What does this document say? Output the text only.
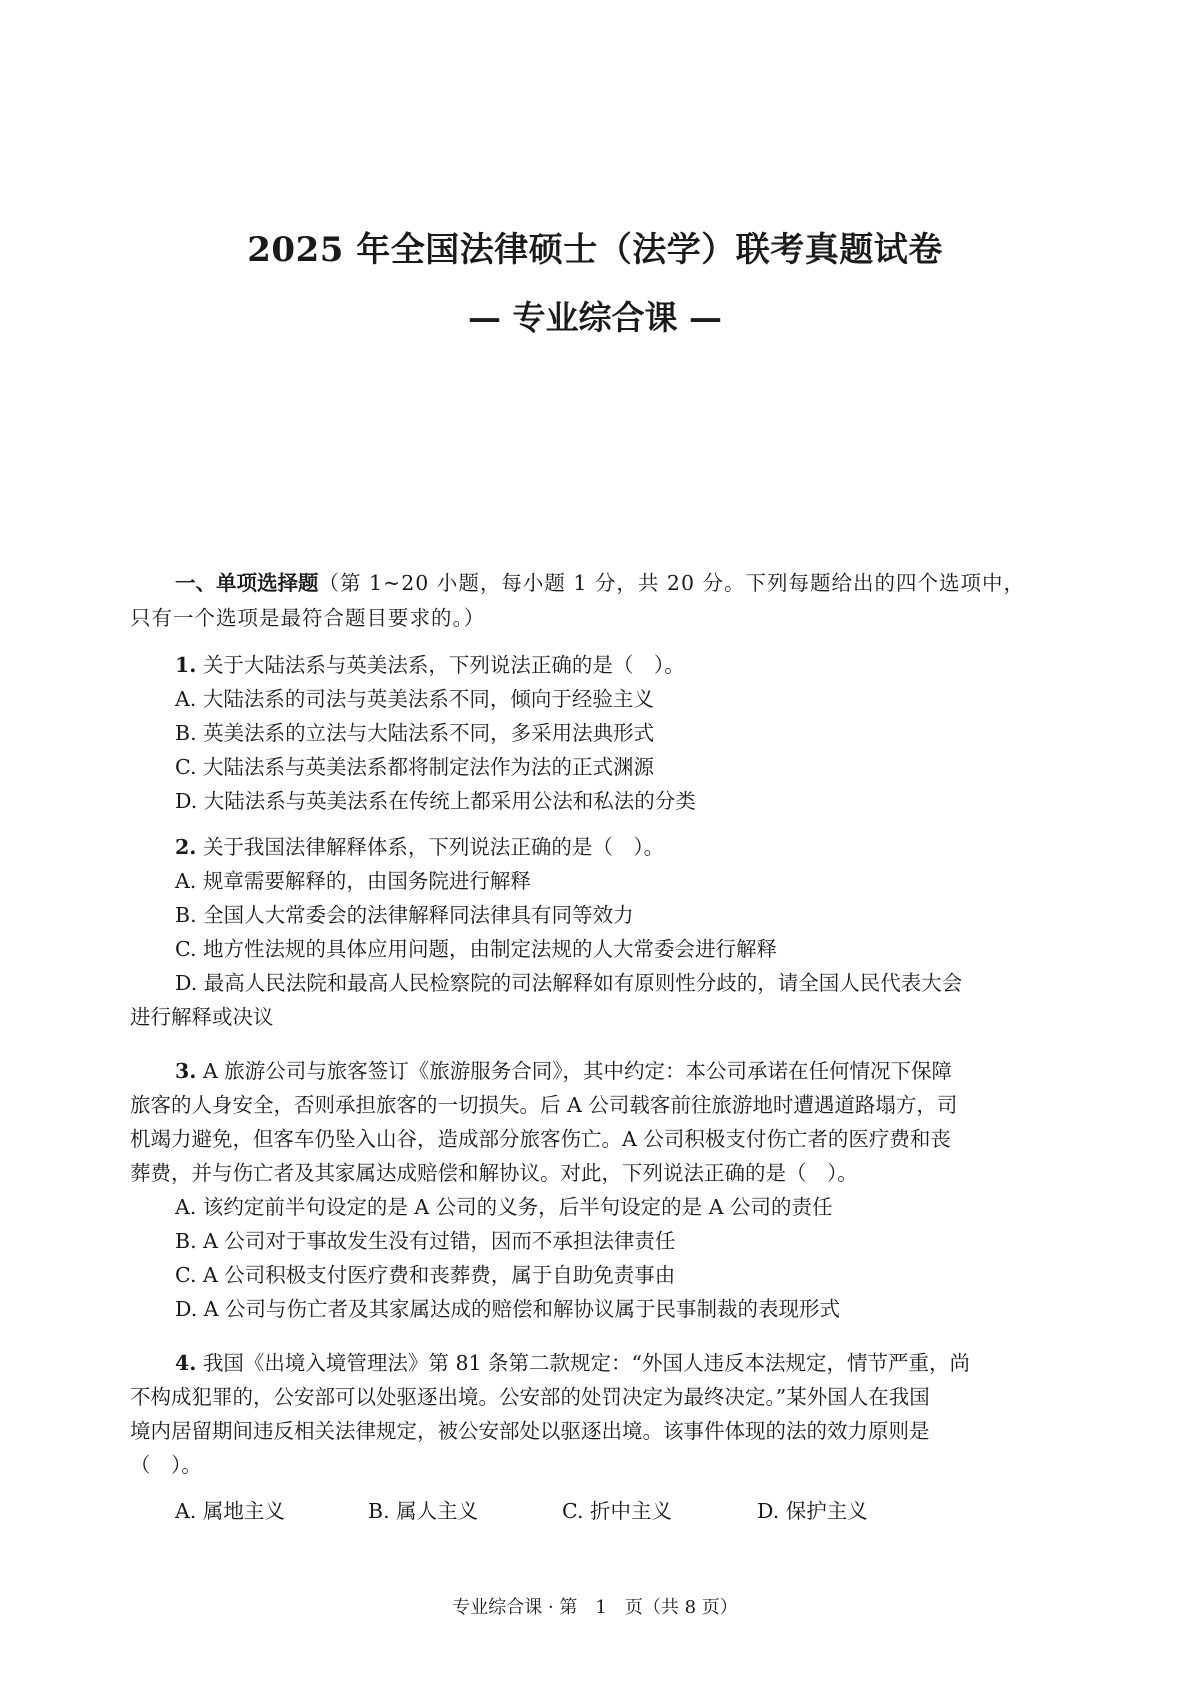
2025 年全国法律硕士（法学）联考真题试卷
— 专业综合课 —
一、单项选择题（第 1~20 小题，每小题 1 分，共 20 分。下列每题给出的四个选项中，
只有一个选项是最符合题目要求的。）
1. 关于大陆法系与英美法系，下列说法正确的是（　）。
A. 大陆法系的司法与英美法系不同，倾向于经验主义
B. 英美法系的立法与大陆法系不同，多采用法典形式
C. 大陆法系与英美法系都将制定法作为法的正式渊源
D. 大陆法系与英美法系在传统上都采用公法和私法的分类
2. 关于我国法律解释体系，下列说法正确的是（　）。
A. 规章需要解释的，由国务院进行解释
B. 全国人大常委会的法律解释同法律具有同等效力
C. 地方性法规的具体应用问题，由制定法规的人大常委会进行解释
D. 最高人民法院和最高人民检察院的司法解释如有原则性分歧的，请全国人民代表大会
进行解释或决议
3. A 旅游公司与旅客签订《旅游服务合同》，其中约定：本公司承诺在任何情况下保障
旅客的人身安全，否则承担旅客的一切损失。后 A 公司载客前往旅游地时遭遇道路塌方，司
机竭力避免，但客车仍坠入山谷，造成部分旅客伤亡。A 公司积极支付伤亡者的医疗费和丧
葬费，并与伤亡者及其家属达成赔偿和解协议。对此，下列说法正确的是（　）。
A. 该约定前半句设定的是 A 公司的义务，后半句设定的是 A 公司的责任
B. A 公司对于事故发生没有过错，因而不承担法律责任
C. A 公司积极支付医疗费和丧葬费，属于自助免责事由
D. A 公司与伤亡者及其家属达成的赔偿和解协议属于民事制裁的表现形式
4. 我国《出境入境管理法》第 81 条第二款规定：“外国人违反本法规定，情节严重，尚
不构成犯罪的，公安部可以处驱逐出境。公安部的处罚决定为最终决定。”某外国人在我国
境内居留期间违反相关法律规定，被公安部处以驱逐出境。该事件体现的法的效力原则是
（　）。
A. 属地主义	B. 属人主义	C. 折中主义	D. 保护主义
专业综合课 · 第　1　页（共 8 页）
